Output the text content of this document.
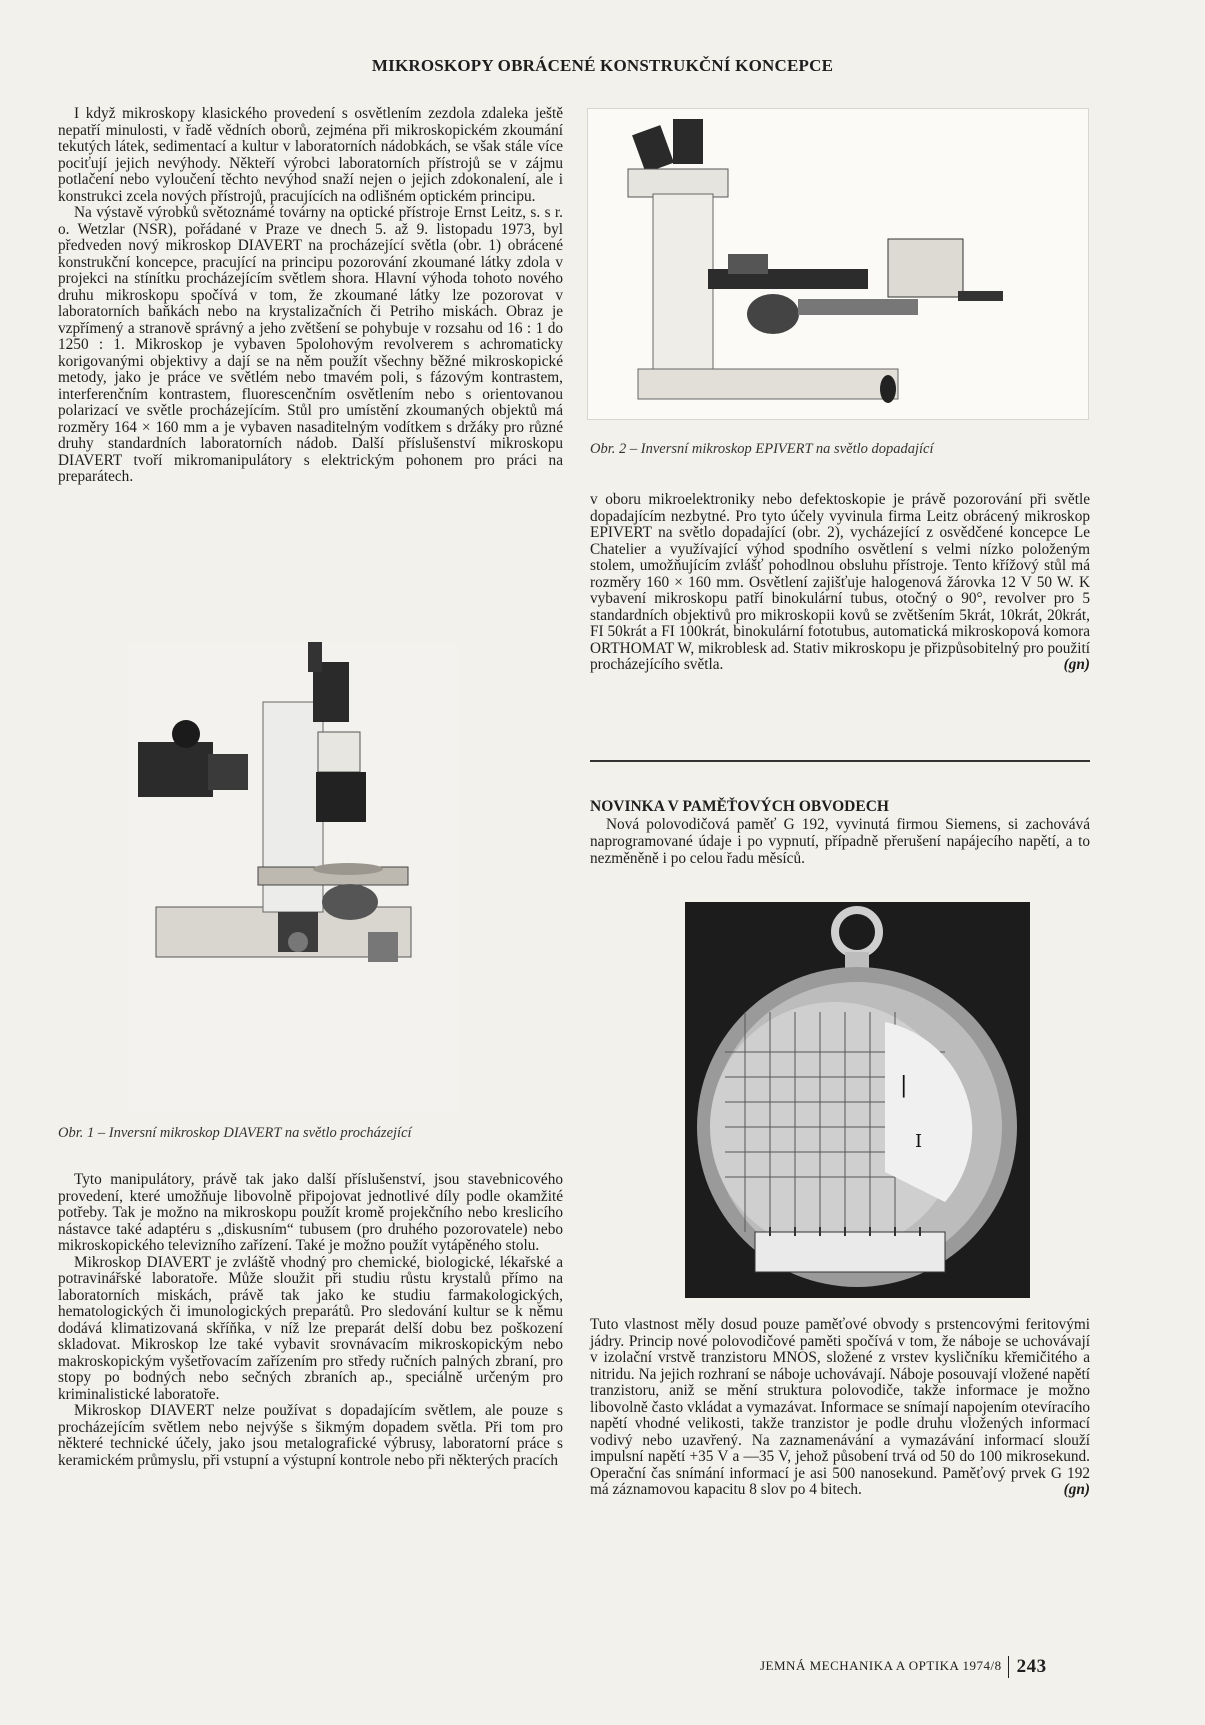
MIKROSKOPY OBRÁCENÉ KONSTRUKČNÍ KONCEPCE

I když mikroskopy klasického provedení s osvětlením zezdola zdaleka ještě nepatří minulosti, v řadě vědních oborů, zejména při mikroskopickém zkoumání tekutých látek, sedimentací a kultur v laboratorních nádobkách, se však stále více pociťují jejich nevýhody. Někteří výrobci laboratorních přístrojů se v zájmu potlačení nebo vyloučení těchto nevýhod snaží nejen o jejich zdokonalení, ale i konstrukci zcela nových přístrojů, pracujících na odlišném optickém principu.

Na výstavě výrobků světoznámé továrny na optické přístroje Ernst Leitz, s. s r. o. Wetzlar (NSR), pořádané v Praze ve dnech 5. až 9. listopadu 1973, byl předveden nový mikroskop DIAVERT na procházející světla (obr. 1) obrácené konstrukční koncepce, pracující na principu pozorování zkoumané látky zdola v projekci na stínítku procházejícím světlem shora. Hlavní výhoda tohoto nového druhu mikroskopu spočívá v tom, že zkoumané látky lze pozorovat v laboratorních baňkách nebo na krystalizačních či Petriho miskách. Obraz je vzpřímený a stranově správný a jeho zvětšení se pohybuje v rozsahu od 16 : 1 do 1250 : 1. Mikroskop je vybaven 5polohovým revolverem s achromaticky korigovanými objektivy a dají se na něm použít všechny běžné mikroskopické metody, jako je práce ve světlém nebo tmavém poli, s fázovým kontrastem, interferenčním kontrastem, fluorescenčním osvětlením nebo s orientovanou polarizací ve světle procházejícím. Stůl pro umístění zkoumaných objektů má rozměry 164 × 160 mm a je vybaven nasaditelným vodítkem s držáky pro různé druhy standardních laboratorních nádob. Další příslušenství mikroskopu DIAVERT tvoří mikromanipulátory s elektrickým pohonem pro práci na preparátech.

Obr. 1 – Inversní mikroskop DIAVERT na světlo procházející

Tyto manipulátory, právě tak jako další příslušenství, jsou stavebnicového provedení, které umožňuje libovolně připojovat jednotlivé díly podle okamžité potřeby. Tak je možno na mikroskopu použít kromě projekčního nebo kreslicího nástavce také adaptéru s „diskusním“ tubusem (pro druhého pozorovatele) nebo mikroskopického televizního zařízení. Také je možno použít vytápěného stolu.

Mikroskop DIAVERT je zvláště vhodný pro chemické, biologické, lékařské a potravinářské laboratoře. Může sloužit při studiu růstu krystalů přímo na laboratorních miskách, právě tak jako ke studiu farmakologických, hematologických či imunologických preparátů. Pro sledování kultur se k němu dodává klimatizovaná skříňka, v níž lze preparát delší dobu bez poškození skladovat. Mikroskop lze také vybavit srovnávacím mikroskopickým nebo makroskopickým vyšetřovacím zařízením pro středy ručních palných zbraní, pro stopy po bodných nebo sečných zbraních ap., speciálně určeným pro kriminalistické laboratoře.

Mikroskop DIAVERT nelze používat s dopadajícím světlem, ale pouze s procházejícím světlem nebo nejvýše s šikmým dopadem světla. Při tom pro některé technické účely, jako jsou metalografické výbrusy, laboratorní práce s keramickém průmyslu, při vstupní a výstupní kontrole nebo při některých pracích

Obr. 2 – Inversní mikroskop EPIVERT na světlo dopadající

v oboru mikroelektroniky nebo defektoskopie je právě pozorování při světle dopadajícím nezbytné. Pro tyto účely vyvinula firma Leitz obrácený mikroskop EPIVERT na světlo dopadající (obr. 2), vycházející z osvědčené koncepce Le Chatelier a využívající výhod spodního osvětlení s velmi nízko položeným stolem, umožňujícím zvlášť pohodlnou obsluhu přístroje. Tento křížový stůl má rozměry 160 × 160 mm. Osvětlení zajišťuje halogenová žárovka 12 V 50 W. K vybavení mikroskopu patří binokulární tubus, otočný o 90°, revolver pro 5 standardních objektivů pro mikroskopii kovů se zvětšením 5krát, 10krát, 20krát, FI 50krát a FI 100krát, binokulární fototubus, automatická mikroskopová komora ORTHOMAT W, mikroblesk ad. Stativ mikroskopu je přizpůsobitelný pro použití procházejícího světla.	(gn)

NOVINKA V PAMĚŤOVÝCH OBVODECH

Nová polovodičová paměť G 192, vyvinutá firmou Siemens, si zachovává naprogramované údaje i po vypnutí, případně přerušení napájecího napětí, a to nezměněně i po celou řadu měsíců.

|
I

Tuto vlastnost měly dosud pouze paměťové obvody s prstencovými feritovými jádry. Princip nové polovodičové paměti spočívá v tom, že náboje se uchovávají v izolační vrstvě tranzistoru MNOS, složené z vrstev kysličníku křemičitého a nitridu. Na jejich rozhraní se náboje uchovávají. Náboje posouvají vložené napětí tranzistoru, aniž se mění struktura polovodiče, takže informace je možno libovolně často vkládat a vymazávat. Informace se snímají napojením otevíracího napětí vhodné velikosti, takže tranzistor je podle druhu vložených informací vodivý nebo uzavřený. Na zaznamenávání a vymazávání informací slouží impulsní napětí +35 V a —35 V, jehož působení trvá od 50 do 100 mikrosekund. Operační čas snímání informací je asi 500 nanosekund. Paměťový prvek G 192 má záznamovou kapacitu 8 slov po 4 bitech.	(gn)

JEMNÁ MECHANIKA A OPTIKA 1974/8 243
